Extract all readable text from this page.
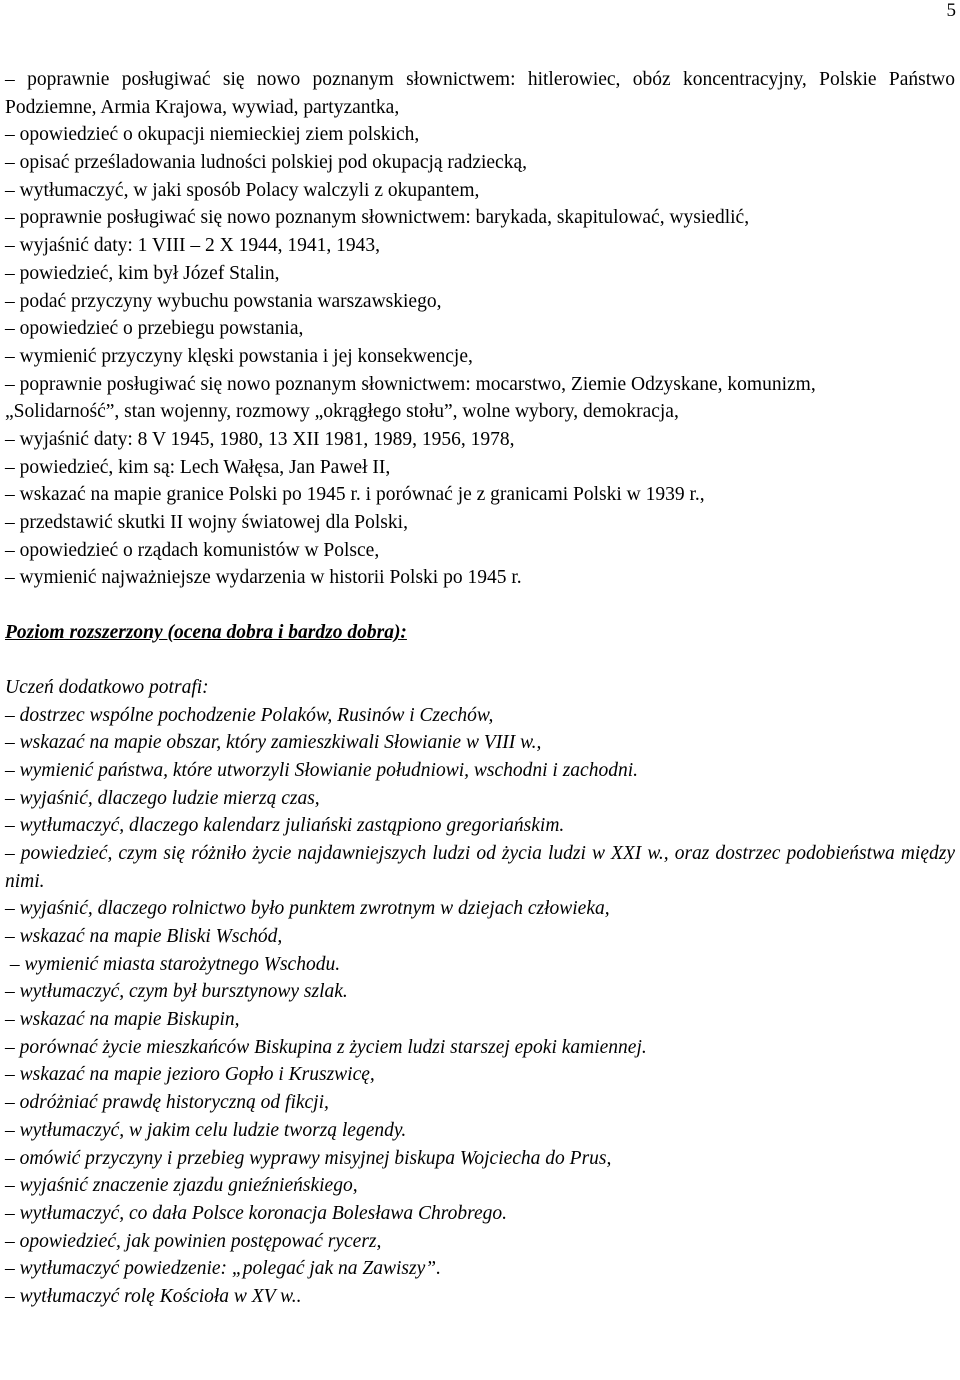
5
– poprawnie posługiwać się nowo poznanym słownictwem: hitlerowiec, obóz koncentracyjny, Polskie Państwo Podziemne, Armia Krajowa, wywiad, partyzantka,
– opowiedzieć o okupacji niemieckiej ziem polskich,
– opisać prześladowania ludności polskiej pod okupacją radziecką,
– wytłumaczyć, w jaki sposób Polacy walczyli z okupantem,
– poprawnie posługiwać się nowo poznanym słownictwem: barykada, skapitulować, wysiedlić,
– wyjaśnić daty: 1 VIII – 2 X 1944, 1941, 1943,
– powiedzieć, kim był Józef Stalin,
– podać przyczyny wybuchu powstania warszawskiego,
– opowiedzieć o przebiegu powstania,
– wymienić przyczyny klęski powstania i jej konsekwencje,
– poprawnie posługiwać się nowo poznanym słownictwem: mocarstwo, Ziemie Odzyskane, komunizm,
„Solidarność”, stan wojenny, rozmowy „okrągłego stołu”, wolne wybory, demokracja,
– wyjaśnić daty: 8 V 1945, 1980, 13 XII 1981, 1989, 1956, 1978,
– powiedzieć, kim są: Lech Wałęsa, Jan Paweł II,
– wskazać na mapie granice Polski po 1945 r. i porównać je z granicami Polski w 1939 r.,
– przedstawić skutki II wojny światowej dla Polski,
– opowiedzieć o rządach komunistów w Polsce,
– wymienić najważniejsze wydarzenia w historii Polski po 1945 r.
Poziom rozszerzony (ocena dobra i bardzo dobra):
Uczeń dodatkowo potrafi:
– dostrzec wspólne pochodzenie Polaków, Rusinów i Czechów,
– wskazać na mapie obszar, który zamieszkiwali Słowianie w VIII w.,
– wymienić państwa, które utworzyli Słowianie południowi, wschodni i zachodni.
– wyjaśnić, dlaczego ludzie mierzą czas,
– wytłumaczyć, dlaczego kalendarz juliański zastąpiono gregoriańskim.
– powiedzieć, czym się różniło życie najdawniejszych ludzi od życia ludzi w XXI w., oraz dostrzec podobieństwa między nimi.
– wyjaśnić, dlaczego rolnictwo było punktem zwrotnym w dziejach człowieka,
– wskazać na mapie Bliski Wschód,
– wymienić miasta starożytnego Wschodu.
– wytłumaczyć, czym był bursztynowy szlak.
– wskazać na mapie Biskupin,
– porównać życie mieszkańców Biskupina z życiem ludzi starszej epoki kamiennej.
– wskazać na mapie jezioro Gopło i Kruszwicę,
– odróżniać prawdę historyczną od fikcji,
– wytłumaczyć, w jakim celu ludzie tworzą legendy.
– omówić przyczyny i przebieg wyprawy misyjnej biskupa Wojciecha do Prus,
– wyjaśnić znaczenie zjazdu gnieźnieńskiego,
– wytłumaczyć, co dała Polsce koronacja Bolesława Chrobrego.
– opowiedzieć, jak powinien postępować rycerz,
– wytłumaczyć powiedzenie: „polegać jak na Zawiszy”.
– wytłumaczyć rolę Kościoła w XV w..
